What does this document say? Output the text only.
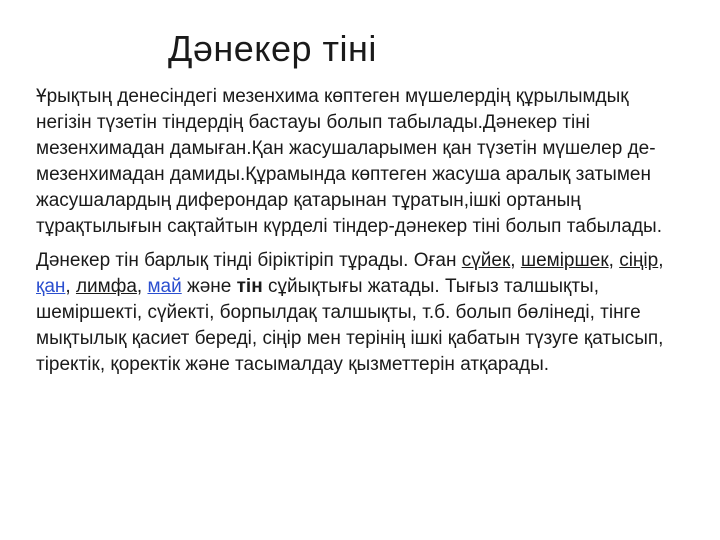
Дәнекер тіні

Ұрықтың денесіндегі мезенхима көптеген мүшелердің құрылымдық негізін түзетін тіндердің бастауы болып табылады.Дәнекер тіні мезенхимадан дамыған.Қан жасушаларымен қан түзетін мүшелер де-мезенхимадан дамиды.Құрамында көптеген жасуша аралық затымен жасушалардың диферондар қатарынан тұратын,ішкі ортаның тұрақтылығын сақтайтын күрделі тіндер-дәнекер тіні болып табылады.

Дәнекер тін барлық тінді біріктіріп тұрады. Оған сүйек, шеміршек, сіңір, қан, лимфа, май және тін сұйықтығы жатады. Тығыз талшықты, шеміршекті, сүйекті, борпылдақ талшықты, т.б. болып бөлінеді, тінге мықтылық қасиет береді, сіңір мен терінің ішкі қабатын түзуге қатысып, тіректік, қоректік және тасымалдау қызметтерін атқарады.
